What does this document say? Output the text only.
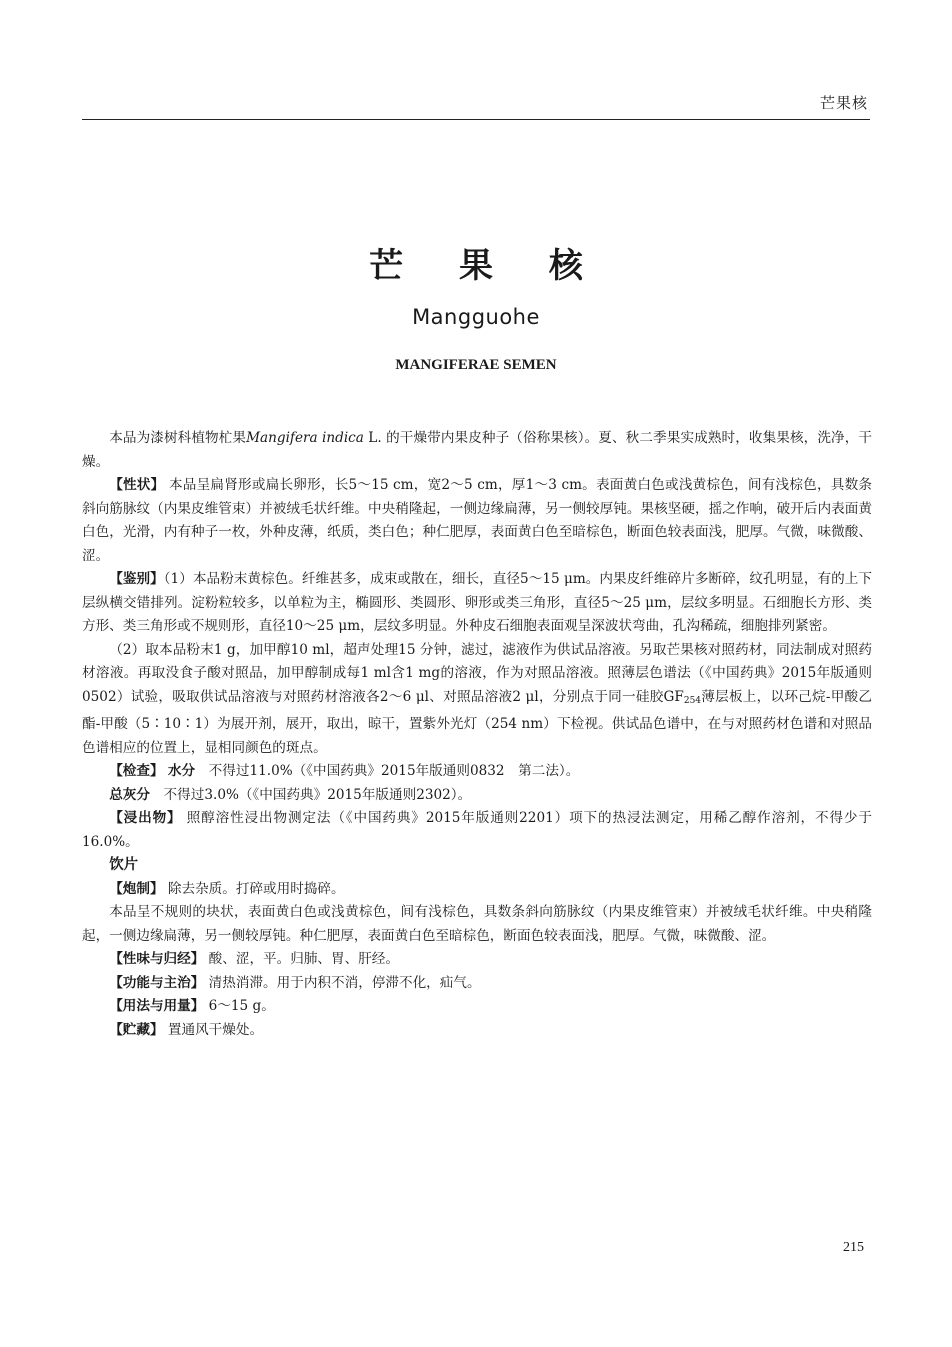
芒果核
芒 果 核
Mangguohe
MANGIFERAE SEMEN

本品为漆树科植物杧果Mangifera indica L. 的干燥带内果皮种子（俗称果核）。夏、秋二季果实成熟时，收集果核，洗净，干燥。

【性状】 本品呈扁肾形或扁长卵形，长5～15 cm，宽2～5 cm，厚1～3 cm。表面黄白色或浅黄棕色，间有浅棕色，具数条斜向筋脉纹（内果皮维管束）并被绒毛状纤维。中央稍隆起，一侧边缘扁薄，另一侧较厚钝。果核坚硬，摇之作响，破开后内表面黄白色，光滑，内有种子一枚，外种皮薄，纸质，类白色；种仁肥厚，表面黄白色至暗棕色，断面色较表面浅，肥厚。气微，味微酸、涩。

【鉴别】（1）本品粉末黄棕色。纤维甚多，成束或散在，细长，直径5～15 μm。内果皮纤维碎片多断碎，纹孔明显，有的上下层纵横交错排列。淀粉粒较多，以单粒为主，椭圆形、类圆形、卵形或类三角形，直径5～25 μm，层纹多明显。石细胞长方形、类方形、类三角形或不规则形，直径10～25 μm，层纹多明显。外种皮石细胞表面观呈深波状弯曲，孔沟稀疏，细胞排列紧密。

（2）取本品粉末1 g，加甲醇10 ml，超声处理15 分钟，滤过，滤液作为供试品溶液。另取芒果核对照药材，同法制成对照药材溶液。再取没食子酸对照品，加甲醇制成每1 ml含1 mg的溶液，作为对照品溶液。照薄层色谱法（《中国药典》2015年版通则0502）试验，吸取供试品溶液与对照药材溶液各2～6 μl、对照品溶液2 μl，分别点于同一硅胶$GF_{254}$薄层板上，以环己烷-甲酸乙酯-甲酸（5∶10∶1）为展开剂，展开，取出，晾干，置紫外光灯（254 nm）下检视。供试品色谱中，在与对照药材色谱和对照品色谱相应的位置上，显相同颜色的斑点。

【检查】 水分　不得过11.0%（《中国药典》2015年版通则0832　第二法）。

总灰分　不得过3.0%（《中国药典》2015年版通则2302）。

【浸出物】 照醇溶性浸出物测定法（《中国药典》2015年版通则2201）项下的热浸法测定，用稀乙醇作溶剂，不得少于16.0%。

饮片

【炮制】 除去杂质。打碎或用时捣碎。

本品呈不规则的块状，表面黄白色或浅黄棕色，间有浅棕色，具数条斜向筋脉纹（内果皮维管束）并被绒毛状纤维。中央稍隆起，一侧边缘扁薄，另一侧较厚钝。种仁肥厚，表面黄白色至暗棕色，断面色较表面浅，肥厚。气微，味微酸、涩。

【性味与归经】 酸、涩，平。归肺、胃、肝经。

【功能与主治】 清热消滞。用于内积不消，停滞不化，疝气。

【用法与用量】 6～15 g。

【贮藏】 置通风干燥处。

215
